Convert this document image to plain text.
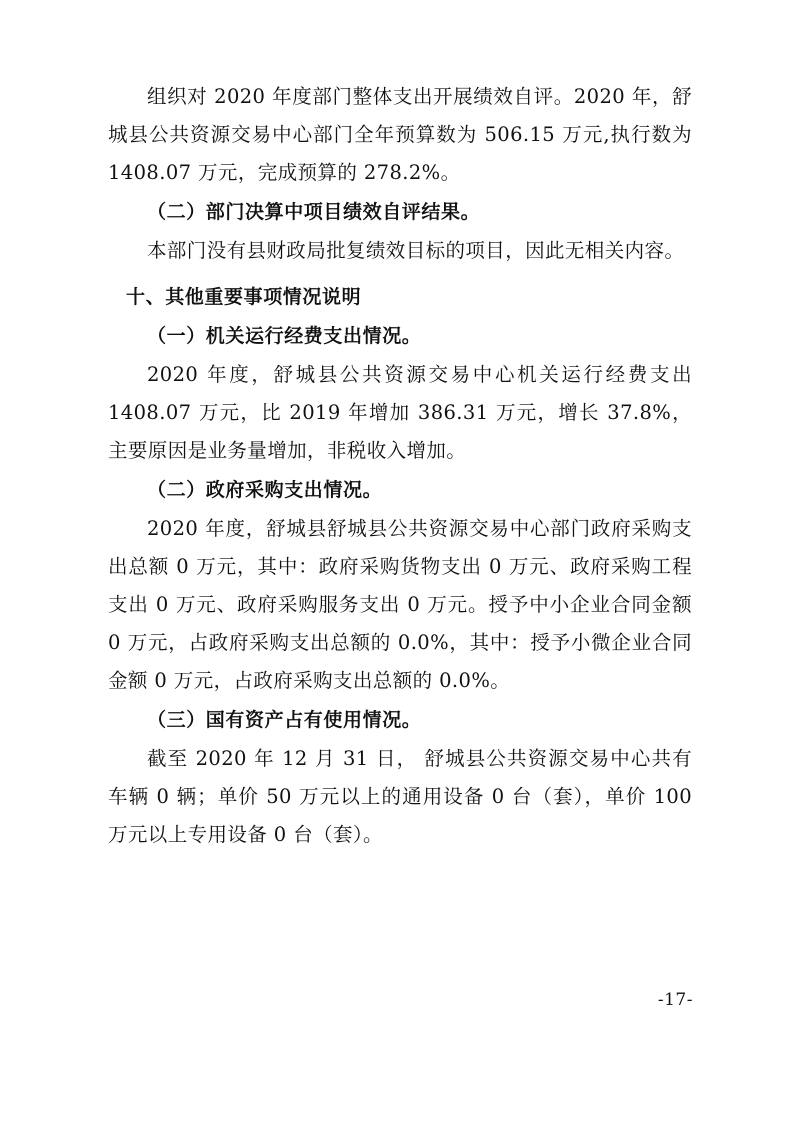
组织对 2020 年度部门整体支出开展绩效自评。2020 年，舒城县公共资源交易中心部门全年预算数为 506.15 万元,执行数为 1408.07 万元，完成预算的 278.2%。

（二）部门决算中项目绩效自评结果。

本部门没有县财政局批复绩效目标的项目，因此无相关内容。

十、其他重要事项情况说明
（一）机关运行经费支出情况。

2020 年度，舒城县公共资源交易中心机关运行经费支出 1408.07 万元，比 2019 年增加 386.31 万元，增长 37.8%，主要原因是业务量增加，非税收入增加。

（二）政府采购支出情况。

2020 年度，舒城县舒城县公共资源交易中心部门政府采购支出总额 0 万元，其中：政府采购货物支出 0 万元、政府采购工程支出 0 万元、政府采购服务支出 0 万元。授予中小企业合同金额 0 万元，占政府采购支出总额的 0.0%，其中：授予小微企业合同金额 0 万元，占政府采购支出总额的 0.0%。

（三）国有资产占有使用情况。

截至 2020 年 12 月 31 日， 舒城县公共资源交易中心共有车辆 0 辆；单价 50 万元以上的通用设备 0 台（套），单价 100 万元以上专用设备 0 台（套）。

-17-
